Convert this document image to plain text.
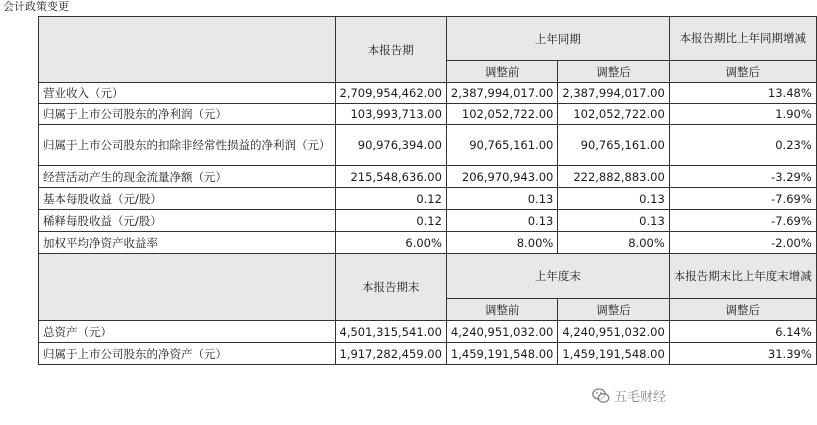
会计政策变更
	本报告期	上年同期		本报告期比上年同期增减
		调整前	调整后	调整后
营业收入（元）	2,709,954,462.00	2,387,994,017.00	2,387,994,017.00	13.48%
归属于上市公司股东的净利润（元）	103,993,713.00	102,052,722.00	102,052,722.00	1.90%
归属于上市公司股东的扣除非经常性损益的净利润（元）	90,976,394.00	90,765,161.00	90,765,161.00	0.23%
经营活动产生的现金流量净额（元）	215,548,636.00	206,970,943.00	222,882,883.00	-3.29%
基本每股收益（元/股）	0.12	0.13	0.13	-7.69%
稀释每股收益（元/股）	0.12	0.13	0.13	-7.69%
加权平均净资产收益率	6.00%	8.00%	8.00%	-2.00%
	本报告期末	上年度末		本报告期末比上年度末增减
		调整前	调整后	调整后
总资产（元）	4,501,315,541.00	4,240,951,032.00	4,240,951,032.00	6.14%
归属于上市公司股东的净资产（元）	1,917,282,459.00	1,459,191,548.00	1,459,191,548.00	31.39%
五毛财经
